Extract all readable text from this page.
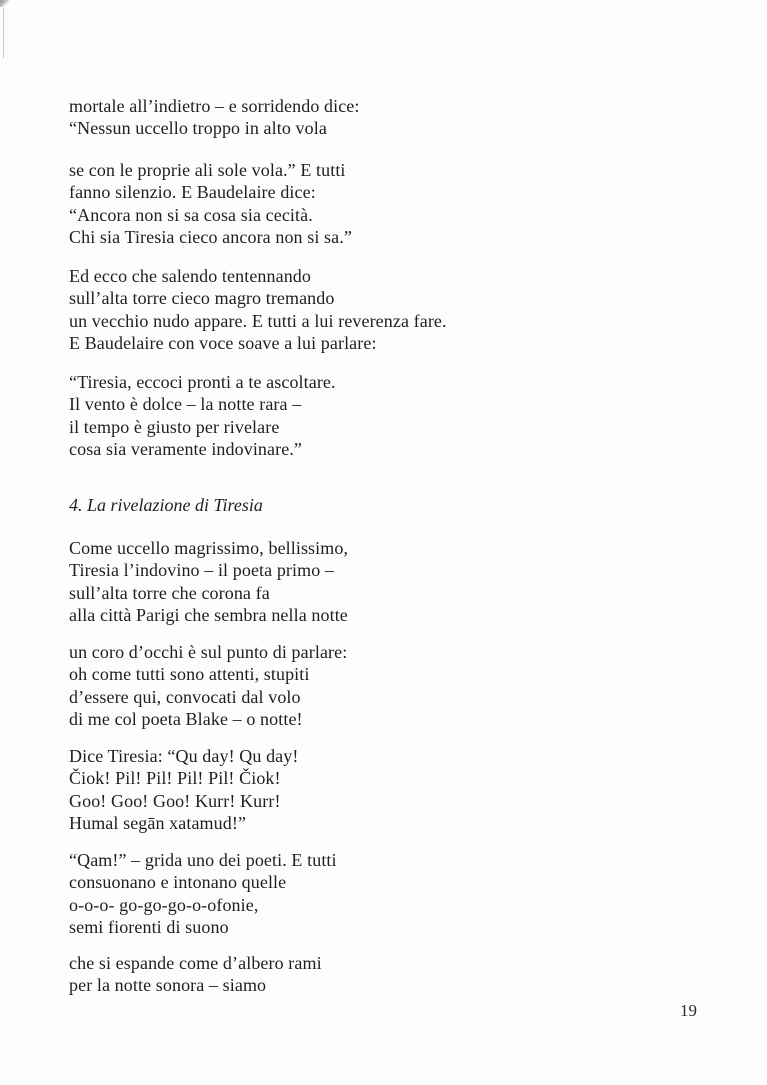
mortale all’indietro – e sorridendo dice:
“Nessun uccello troppo in alto vola
se con le proprie ali sole vola.” E tutti
fanno silenzio. E Baudelaire dice:
“Ancora non si sa cosa sia cecità.
Chi sia Tiresia cieco ancora non si sa.”
Ed ecco che salendo tentennando
sull’alta torre cieco magro tremando
un vecchio nudo appare. E tutti a lui reverenza fare.
E Baudelaire con voce soave a lui parlare:
“Tiresia, eccoci pronti a te ascoltare.
Il vento è dolce – la notte rara –
il tempo è giusto per rivelare
cosa sia veramente indovinare.”
4. La rivelazione di Tiresia
Come uccello magrissimo, bellissimo,
Tiresia l’indovino – il poeta primo –
sull’alta torre che corona fa
alla città Parigi che sembra nella notte
un coro d’occhi è sul punto di parlare:
oh come tutti sono attenti, stupiti
d’essere qui, convocati dal volo
di me col poeta Blake – o notte!
Dice Tiresia: “Qu day! Qu day!
Čiok! Pil! Pil! Pil! Pil! Čiok!
Goo! Goo! Goo! Kurr! Kurr!
Humal segān xatamud!”
“Qam!” – grida uno dei poeti. E tutti
consuonano e intonano quelle
o-o-o- go-go-go-o-ofonie,
semi fiorenti di suono
che si espande come d’albero rami
per la notte sonora – siamo
19
